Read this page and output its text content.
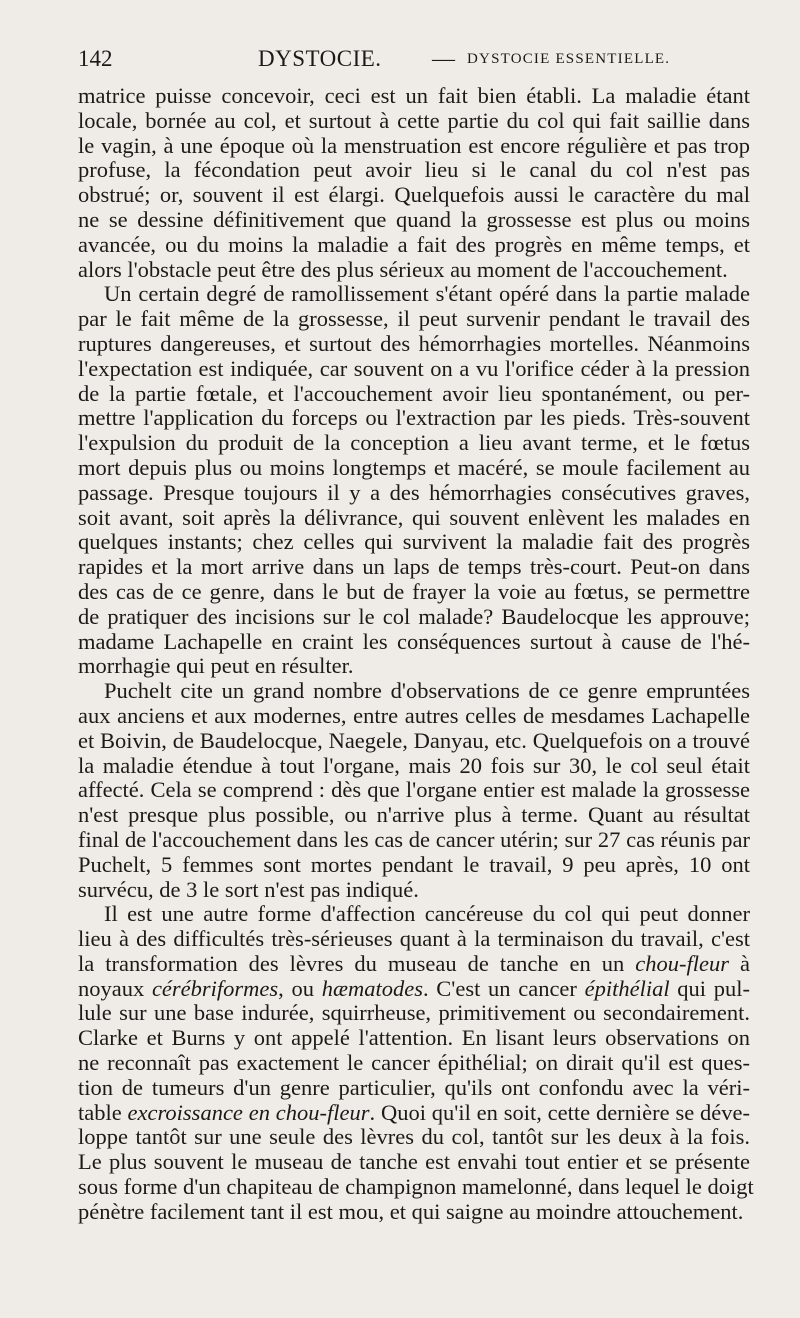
142	DYSTOCIE. — DYSTOCIE ESSENTIELLE.

matrice puisse concevoir, ceci est un fait bien établi. La maladie étant
locale, bornée au col, et surtout à cette partie du col qui fait saillie dans
le vagin, à une époque où la menstruation est encore régulière et pas trop
profuse, la fécondation peut avoir lieu si le canal du col n'est pas
obstrué; or, souvent il est élargi. Quelquefois aussi le caractère du mal
ne se dessine définitivement que quand la grossesse est plus ou moins
avancée, ou du moins la maladie a fait des progrès en même temps, et
alors l'obstacle peut être des plus sérieux au moment de l'accouchement.

Un certain degré de ramollissement s'étant opéré dans la partie malade
par le fait même de la grossesse, il peut survenir pendant le travail des
ruptures dangereuses, et surtout des hémorrhagies mortelles. Néanmoins
l'expectation est indiquée, car souvent on a vu l'orifice céder à la pression
de la partie fœtale, et l'accouchement avoir lieu spontanément, ou per-
mettre l'application du forceps ou l'extraction par les pieds. Très-souvent
l'expulsion du produit de la conception a lieu avant terme, et le fœtus
mort depuis plus ou moins longtemps et macéré, se moule facilement au
passage. Presque toujours il y a des hémorrhagies consécutives graves,
soit avant, soit après la délivrance, qui souvent enlèvent les malades en
quelques instants; chez celles qui survivent la maladie fait des progrès
rapides et la mort arrive dans un laps de temps très-court. Peut-on dans
des cas de ce genre, dans le but de frayer la voie au fœtus, se permettre
de pratiquer des incisions sur le col malade? Baudelocque les approuve;
madame Lachapelle en craint les conséquences surtout à cause de l'hé-
morrhagie qui peut en résulter.

Puchelt cite un grand nombre d'observations de ce genre empruntées
aux anciens et aux modernes, entre autres celles de mesdames Lachapelle
et Boivin, de Baudelocque, Naegele, Danyau, etc. Quelquefois on a trouvé
la maladie étendue à tout l'organe, mais 20 fois sur 30, le col seul était
affecté. Cela se comprend : dès que l'organe entier est malade la grossesse
n'est presque plus possible, ou n'arrive plus à terme. Quant au résultat
final de l'accouchement dans les cas de cancer utérin; sur 27 cas réunis par
Puchelt, 5 femmes sont mortes pendant le travail, 9 peu après, 10 ont
survécu, de 3 le sort n'est pas indiqué.

Il est une autre forme d'affection cancéreuse du col qui peut donner
lieu à des difficultés très-sérieuses quant à la terminaison du travail, c'est
la transformation des lèvres du museau de tanche en un chou-fleur à
noyaux cérébriformes, ou hæmatodes. C'est un cancer épithélial qui pul-
lule sur une base indurée, squirrheuse, primitivement ou secondairement.
Clarke et Burns y ont appelé l'attention. En lisant leurs observations on
ne reconnaît pas exactement le cancer épithélial; on dirait qu'il est ques-
tion de tumeurs d'un genre particulier, qu'ils ont confondu avec la véri-
table excroissance en chou-fleur. Quoi qu'il en soit, cette dernière se déve-
loppe tantôt sur une seule des lèvres du col, tantôt sur les deux à la fois.
Le plus souvent le museau de tanche est envahi tout entier et se présente
sous forme d'un chapiteau de champignon mamelonné, dans lequel le doigt
pénètre facilement tant il est mou, et qui saigne au moindre attouchement.
